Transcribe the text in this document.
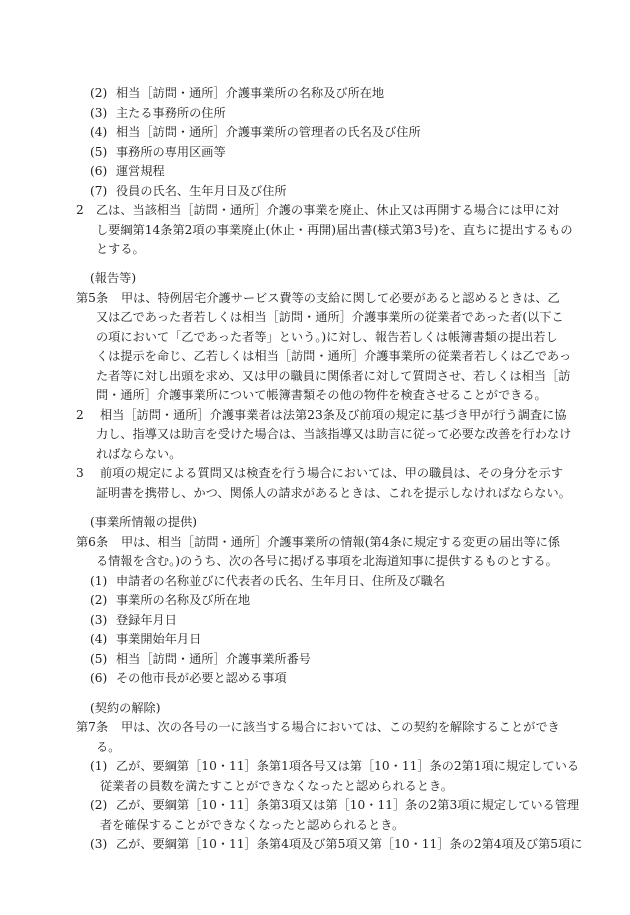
(2) 相当［訪問・通所］介護事業所の名称及び所在地
(3) 主たる事務所の住所
(4) 相当［訪問・通所］介護事業所の管理者の氏名及び住所
(5) 事務所の専用区画等
(6) 運営規程
(7) 役員の氏名、生年月日及び住所
2 乙は、当該相当［訪問・通所］介護の事業を廃止、休止又は再開する場合には甲に対
し要綱第14条第2項の事業廃止(休止・再開)届出書(様式第3号)を、直ちに提出するもの
とする。
(報告等)
第5条 甲は、特例居宅介護サービス費等の支給に関して必要があると認めるときは、乙
又は乙であった者若しくは相当［訪問・通所］介護事業所の従業者であった者(以下こ
の項において「乙であった者等」という。)に対し、報告若しくは帳簿書類の提出若し
くは提示を命じ、乙若しくは相当［訪問・通所］介護事業所の従業者若しくは乙であっ
た者等に対し出頭を求め、又は甲の職員に関係者に対して質問させ、若しくは相当［訪
問・通所］介護事業所について帳簿書類その他の物件を検査させることができる。
2 相当［訪問・通所］介護事業者は法第23条及び前項の規定に基づき甲が行う調査に協
力し、指導又は助言を受けた場合は、当該指導又は助言に従って必要な改善を行わなけ
ればならない。
3 前項の規定による質問又は検査を行う場合においては、甲の職員は、その身分を示す
証明書を携帯し、かつ、関係人の請求があるときは、これを提示しなければならない。
(事業所情報の提供)
第6条 甲は、相当［訪問・通所］介護事業所の情報(第4条に規定する変更の届出等に係
る情報を含む。)のうち、次の各号に掲げる事項を北海道知事に提供するものとする。
(1) 申請者の名称並びに代表者の氏名、生年月日、住所及び職名
(2) 事業所の名称及び所在地
(3) 登録年月日
(4) 事業開始年月日
(5) 相当［訪問・通所］介護事業所番号
(6) その他市長が必要と認める事項
(契約の解除)
第7条 甲は、次の各号の一に該当する場合においては、この契約を解除することができ
る。
(1) 乙が、要綱第［10・11］条第1項各号又は第［10・11］条の2第1項に規定している
従業者の員数を満たすことができなくなったと認められるとき。
(2) 乙が、要綱第［10・11］条第3項又は第［10・11］条の2第3項に規定している管理
者を確保することができなくなったと認められるとき。
(3) 乙が、要綱第［10・11］条第4項及び第5項又第［10・11］条の2第4項及び第5項に
